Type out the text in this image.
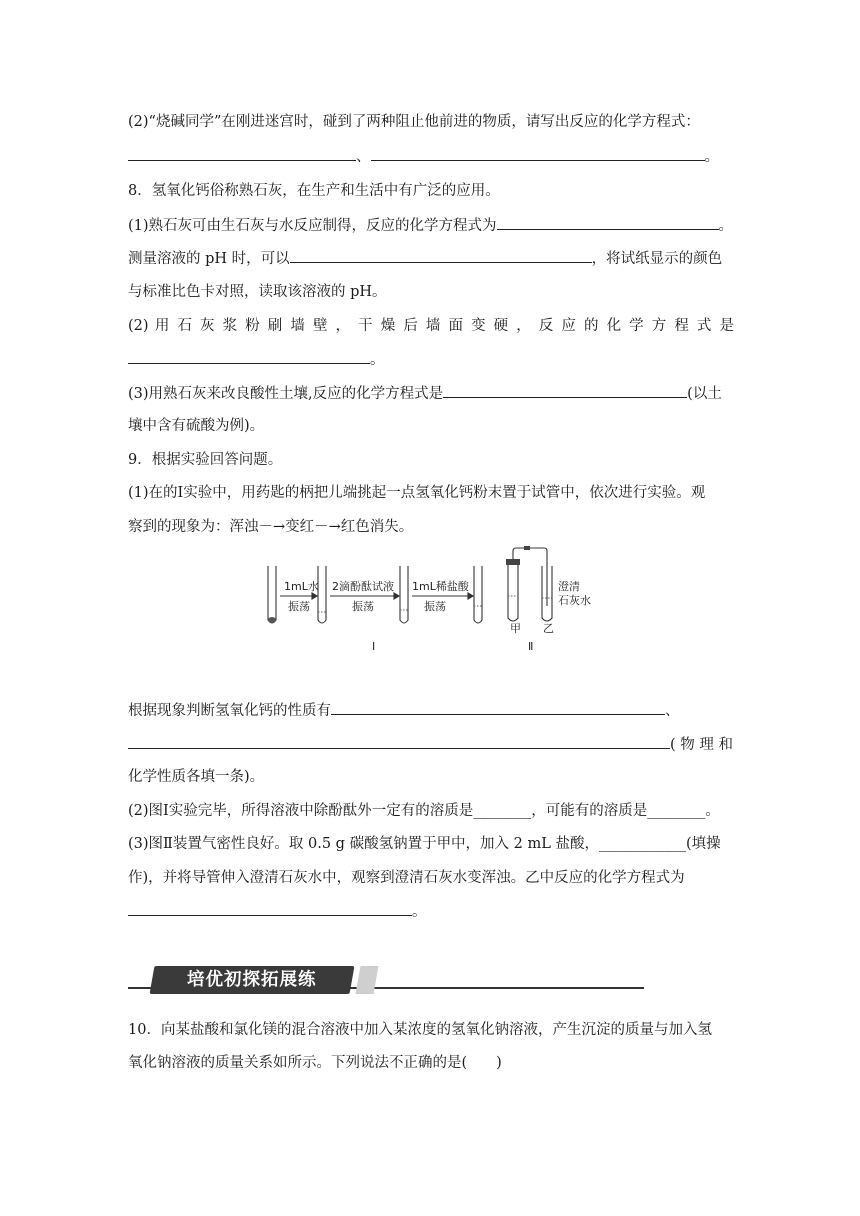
(2)“烧碱同学”在刚进迷宫时，碰到了两种阻止他前进的物质，请写出反应的化学方程式：
、	。
8．氢氧化钙俗称熟石灰，在生产和生活中有广泛的应用。
(1)熟石灰可由生石灰与水反应制得，反应的化学方程式为	。
测量溶液的 pH 时，可以	，将试纸显示的颜色
与标准比色卡对照，读取该溶液的 pH。
(2) 用 石 灰 浆 粉 刷 墙 壁 ， 干 燥 后 墙 面 变 硬 ， 反 应 的 化 学 方 程 式 是
。
(3)用熟石灰来改良酸性土壤,反应的化学方程式是	(以土
壤中含有硫酸为例)。
9．根据实验回答问题。
(1)在的Ⅰ实验中，用药匙的柄把儿端挑起一点氢氧化钙粉末置于试管中，依次进行实验。观
察到的现象为：浑浊－→变红－→红色消失。
1mL水
振荡
2滴酚酞试液
振荡
1mL稀盐酸
振荡
澄清
石灰水
甲 乙
Ⅰ	Ⅱ
根据现象判断氢氧化钙的性质有	、
( 物 理 和
化学性质各填一条)。
(2)图Ⅰ实验完毕，所得溶液中除酚酞外一定有的溶质是________，可能有的溶质是________。
(3)图Ⅱ装置气密性良好。取 0.5 g 碳酸氢钠置于甲中，加入 2 mL 盐酸，____________(填操
作)，并将导管伸入澄清石灰水中，观察到澄清石灰水变浑浊。乙中反应的化学方程式为
。
培优初探拓展练
10．向某盐酸和氯化镁的混合溶液中加入某浓度的氢氧化钠溶液，产生沉淀的质量与加入氢
氧化钠溶液的质量关系如所示。下列说法不正确的是(　　)
